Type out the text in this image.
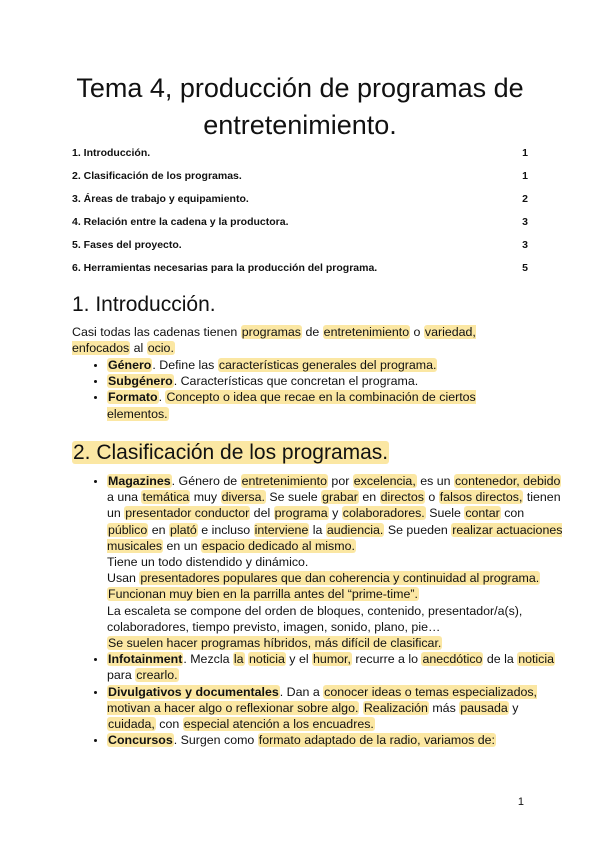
Tema 4, producción de programas de entretenimiento.
1. Introducción.	1
2. Clasificación de los programas.	1
3. Áreas de trabajo y equipamiento.	2
4. Relación entre la cadena y la productora.	3
5. Fases del proyecto.	3
6. Herramientas necesarias para la producción del programa.	5
1. Introducción.

Casi todas las cadenas tienen programas de entretenimiento o variedad, enfocados al ocio.

• Género. Define las características generales del programa.
• Subgénero. Características que concretan el programa.
• Formato. Concepto o idea que recae en la combinación de ciertos elementos.
2. Clasificación de los programas.
• Magazines. Género de entretenimiento por excelencia, es un contenedor, debido a una temática muy diversa. Se suele grabar en directos o falsos directos, tienen un presentador conductor del programa y colaboradores. Suele contar con público en plató e incluso interviene la audiencia. Se pueden realizar actuaciones musicales en un espacio dedicado al mismo.
Tiene un todo distendido y dinámico.
Usan presentadores populares que dan coherencia y continuidad al programa.
Funcionan muy bien en la parrilla antes del “prime-time”.
La escaleta se compone del orden de bloques, contenido, presentador/a(s), colaboradores, tiempo previsto, imagen, sonido, plano, pie…
Se suelen hacer programas híbridos, más difícil de clasificar.
• Infotainment. Mezcla la noticia y el humor, recurre a lo anecdótico de la noticia para crearlo.
• Divulgativos y documentales. Dan a conocer ideas o temas especializados, motivan a hacer algo o reflexionar sobre algo. Realización más pausada y cuidada, con especial atención a los encuadres.
• Concursos. Surgen como formato adaptado de la radio, variamos de:
1
